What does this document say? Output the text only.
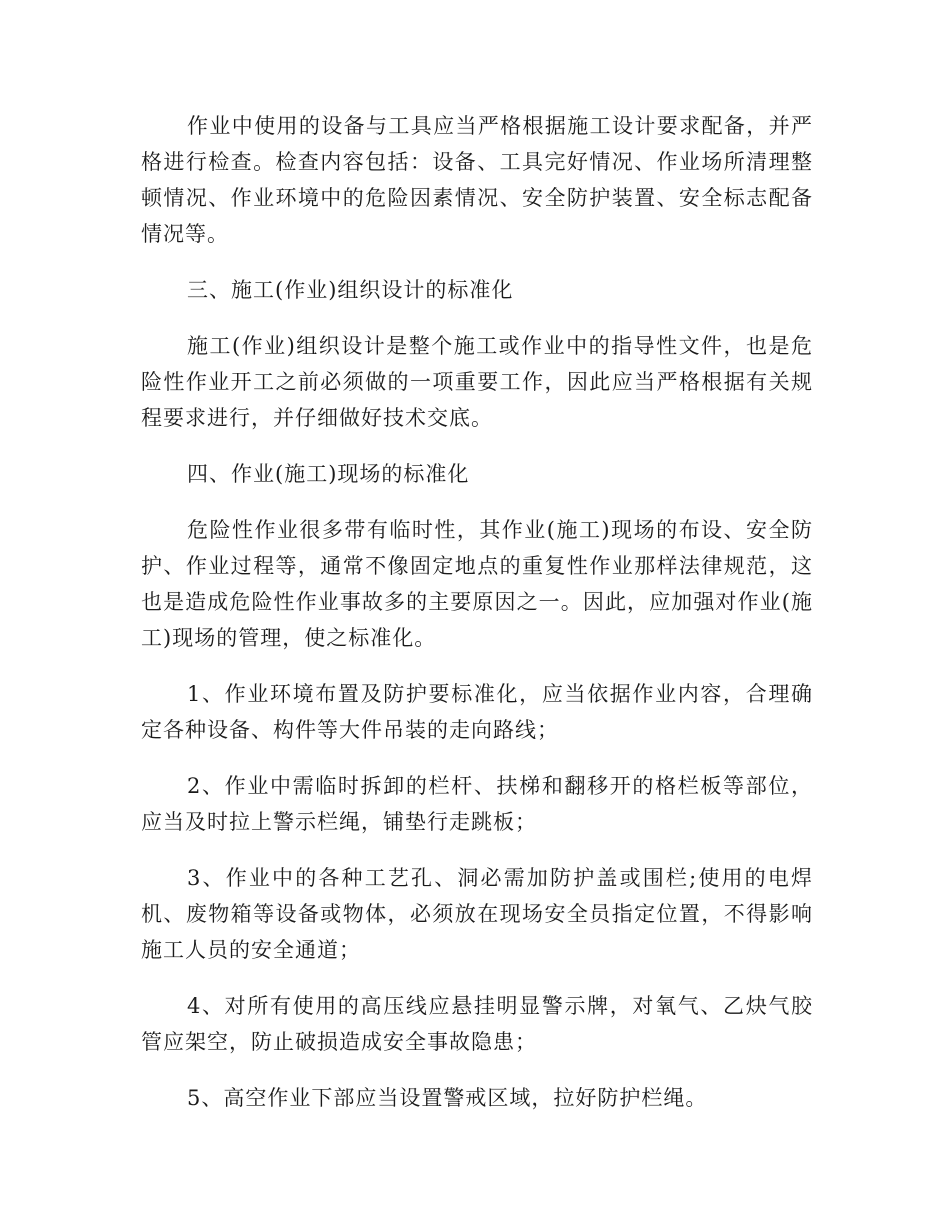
作业中使用的设备与工具应当严格根据施工设计要求配备，并严格进行检查。检查内容包括：设备、工具完好情况、作业场所清理整顿情况、作业环境中的危险因素情况、安全防护装置、安全标志配备情况等。

三、施工(作业)组织设计的标准化

施工(作业)组织设计是整个施工或作业中的指导性文件，也是危险性作业开工之前必须做的一项重要工作，因此应当严格根据有关规程要求进行，并仔细做好技术交底。

四、作业(施工)现场的标准化

危险性作业很多带有临时性，其作业(施工)现场的布设、安全防护、作业过程等，通常不像固定地点的重复性作业那样法律规范，这也是造成危险性作业事故多的主要原因之一。因此，应加强对作业(施工)现场的管理，使之标准化。

1、作业环境布置及防护要标准化，应当依据作业内容，合理确定各种设备、构件等大件吊装的走向路线；

2、作业中需临时拆卸的栏杆、扶梯和翻移开的格栏板等部位，应当及时拉上警示栏绳，铺垫行走跳板；

3、作业中的各种工艺孔、洞必需加防护盖或围栏;使用的电焊机、废物箱等设备或物体，必须放在现场安全员指定位置，不得影响施工人员的安全通道；

4、对所有使用的高压线应悬挂明显警示牌，对氧气、乙炔气胶管应架空，防止破损造成安全事故隐患；

5、高空作业下部应当设置警戒区域，拉好防护栏绳。
